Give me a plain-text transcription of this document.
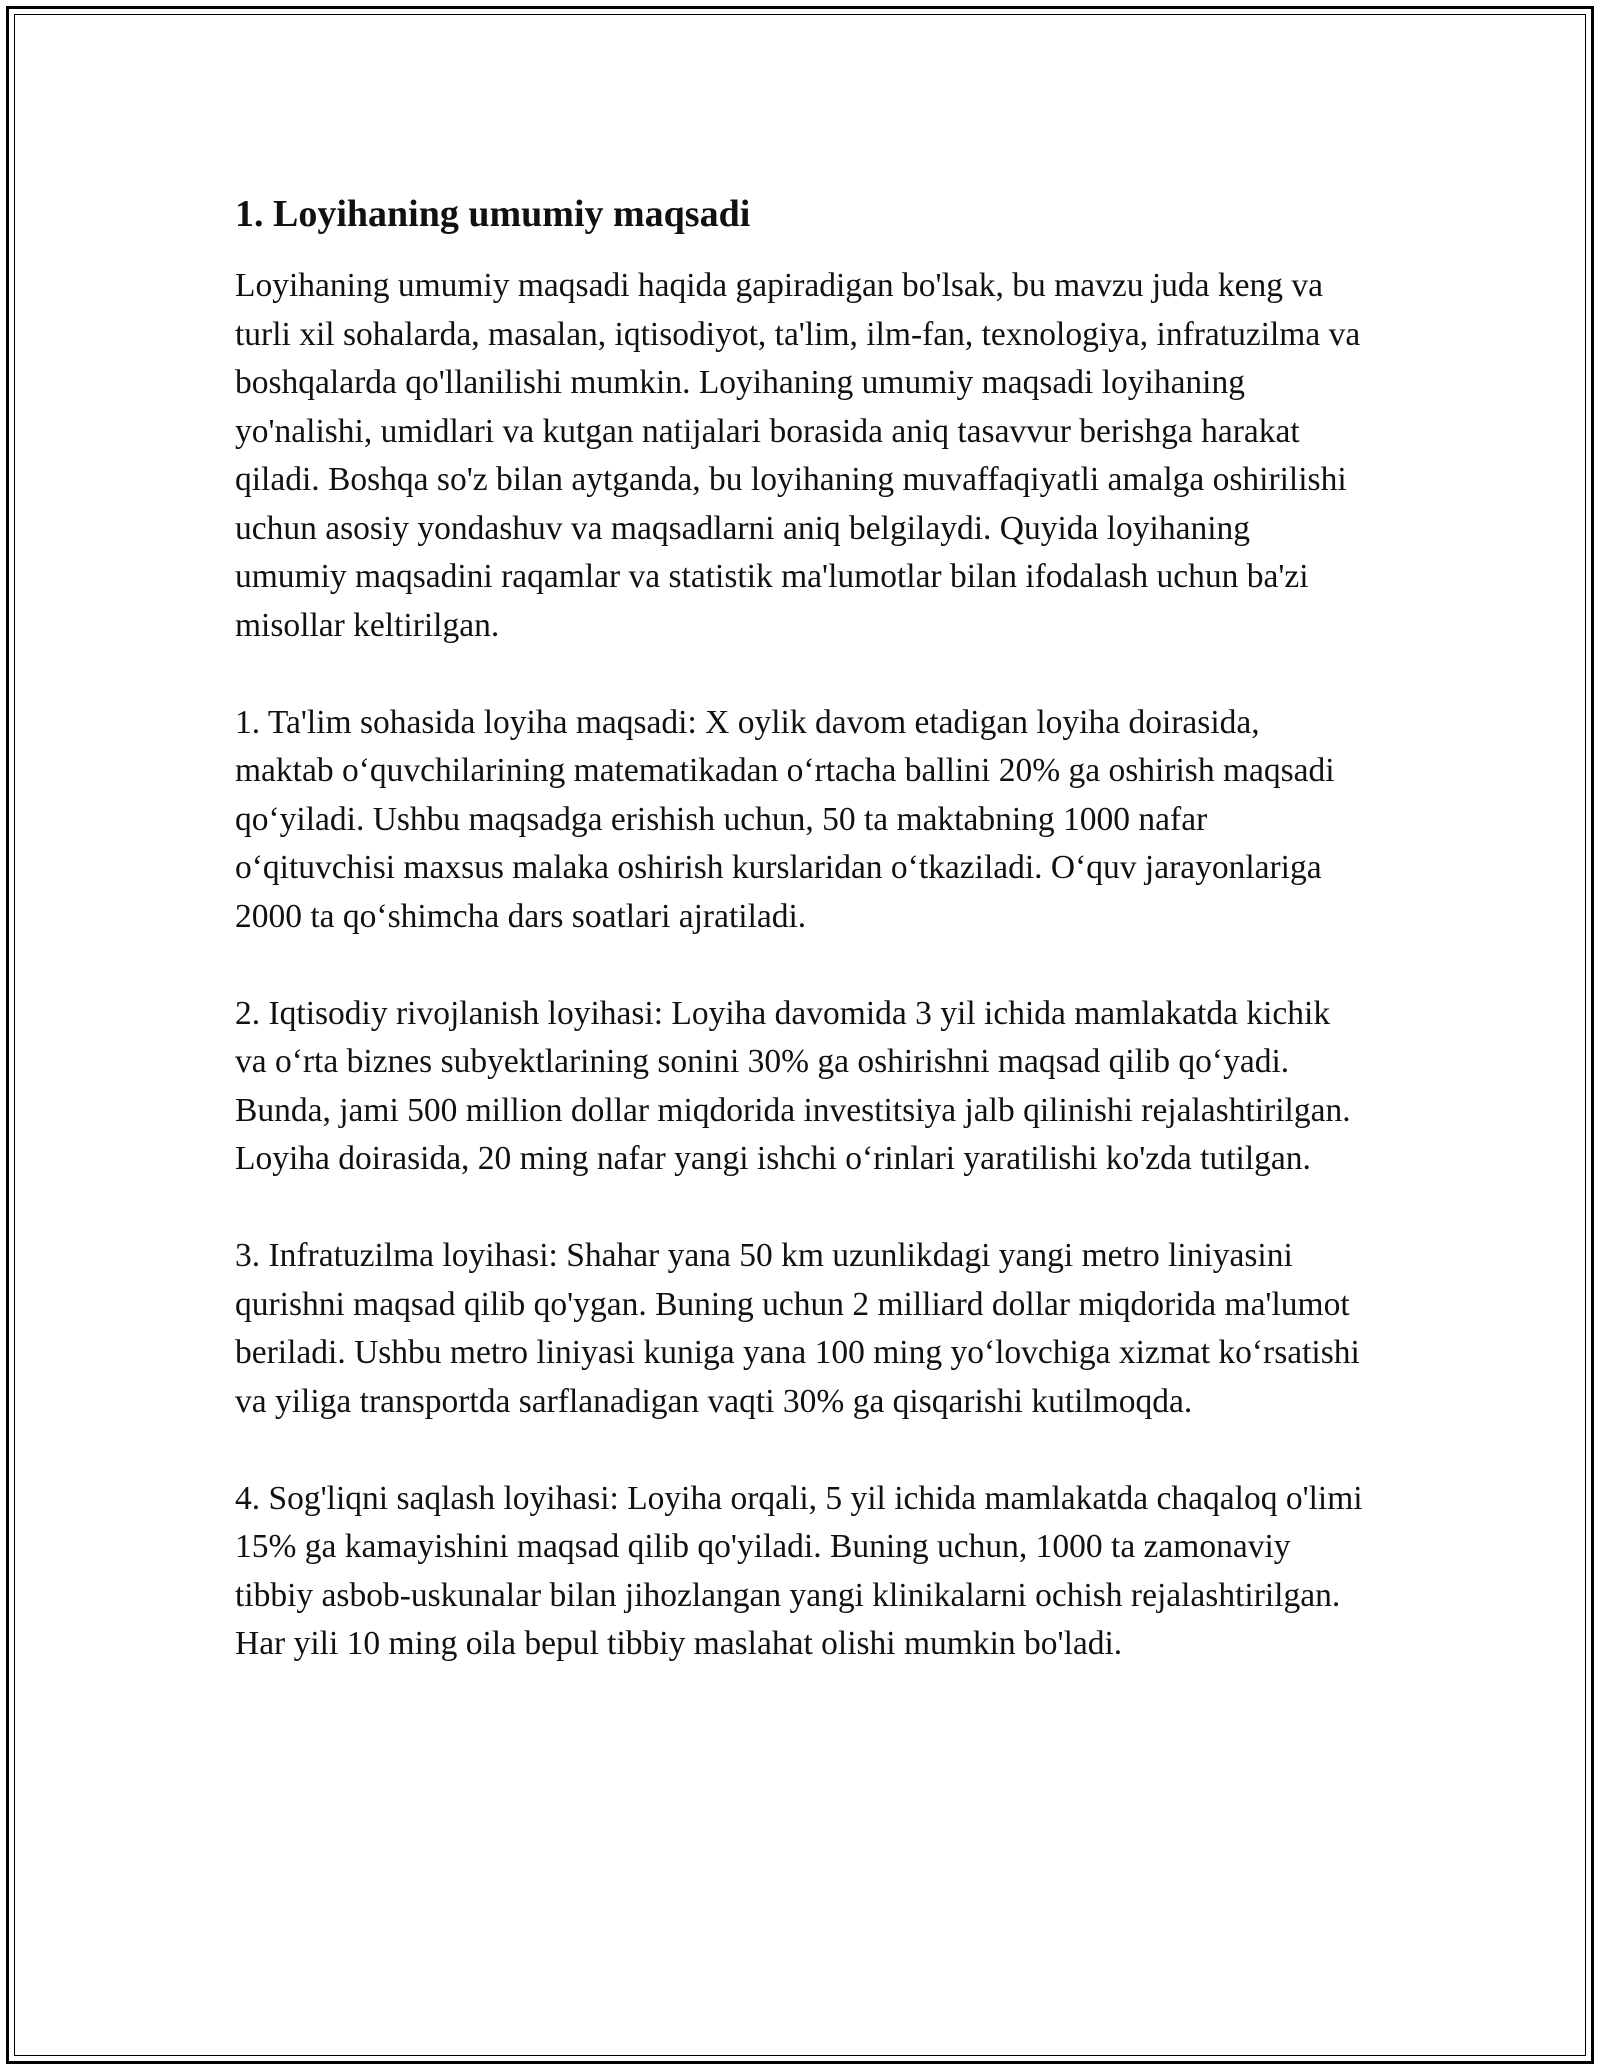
1. Loyihaning umumiy maqsadi

Loyihaning umumiy maqsadi haqida gapiradigan bo'lsak, bu mavzu juda keng va turli xil sohalarda, masalan, iqtisodiyot, ta'lim, ilm-fan, texnologiya, infratuzilma va boshqalarda qo'llanilishi mumkin. Loyihaning umumiy maqsadi loyihaning yo'nalishi, umidlari va kutgan natijalari borasida aniq tasavvur berishga harakat qiladi. Boshqa so'z bilan aytganda, bu loyihaning muvaffaqiyatli amalga oshirilishi uchun asosiy yondashuv va maqsadlarni aniq belgilaydi. Quyida loyihaning umumiy maqsadini raqamlar va statistik ma'lumotlar bilan ifodalash uchun ba'zi misollar keltirilgan.

1. Ta'lim sohasida loyiha maqsadi: X oylik davom etadigan loyiha doirasida, maktab o‘quvchilarining matematikadan o‘rtacha ballini 20% ga oshirish maqsadi qo‘yiladi. Ushbu maqsadga erishish uchun, 50 ta maktabning 1000 nafar o‘qituvchisi maxsus malaka oshirish kurslaridan o‘tkaziladi. O‘quv jarayonlariga 2000 ta qo‘shimcha dars soatlari ajratiladi.

2. Iqtisodiy rivojlanish loyihasi: Loyiha davomida 3 yil ichida mamlakatda kichik va o‘rta biznes subyektlarining sonini 30% ga oshirishni maqsad qilib qo‘yadi. Bunda, jami 500 million dollar miqdorida investitsiya jalb qilinishi rejalashtirilgan. Loyiha doirasida, 20 ming nafar yangi ishchi o‘rinlari yaratilishi ko'zda tutilgan.

3. Infratuzilma loyihasi: Shahar yana 50 km uzunlikdagi yangi metro liniyasini qurishni maqsad qilib qo'ygan. Buning uchun 2 milliard dollar miqdorida ma'lumot beriladi. Ushbu metro liniyasi kuniga yana 100 ming yo‘lovchiga xizmat ko‘rsatishi va yiliga transportda sarflanadigan vaqti 30% ga qisqarishi kutilmoqda.

4. Sog'liqni saqlash loyihasi: Loyiha orqali, 5 yil ichida mamlakatda chaqaloq o'limi 15% ga kamayishini maqsad qilib qo'yiladi. Buning uchun, 1000 ta zamonaviy tibbiy asbob-uskunalar bilan jihozlangan yangi klinikalarni ochish rejalashtirilgan. Har yili 10 ming oila bepul tibbiy maslahat olishi mumkin bo'ladi.
